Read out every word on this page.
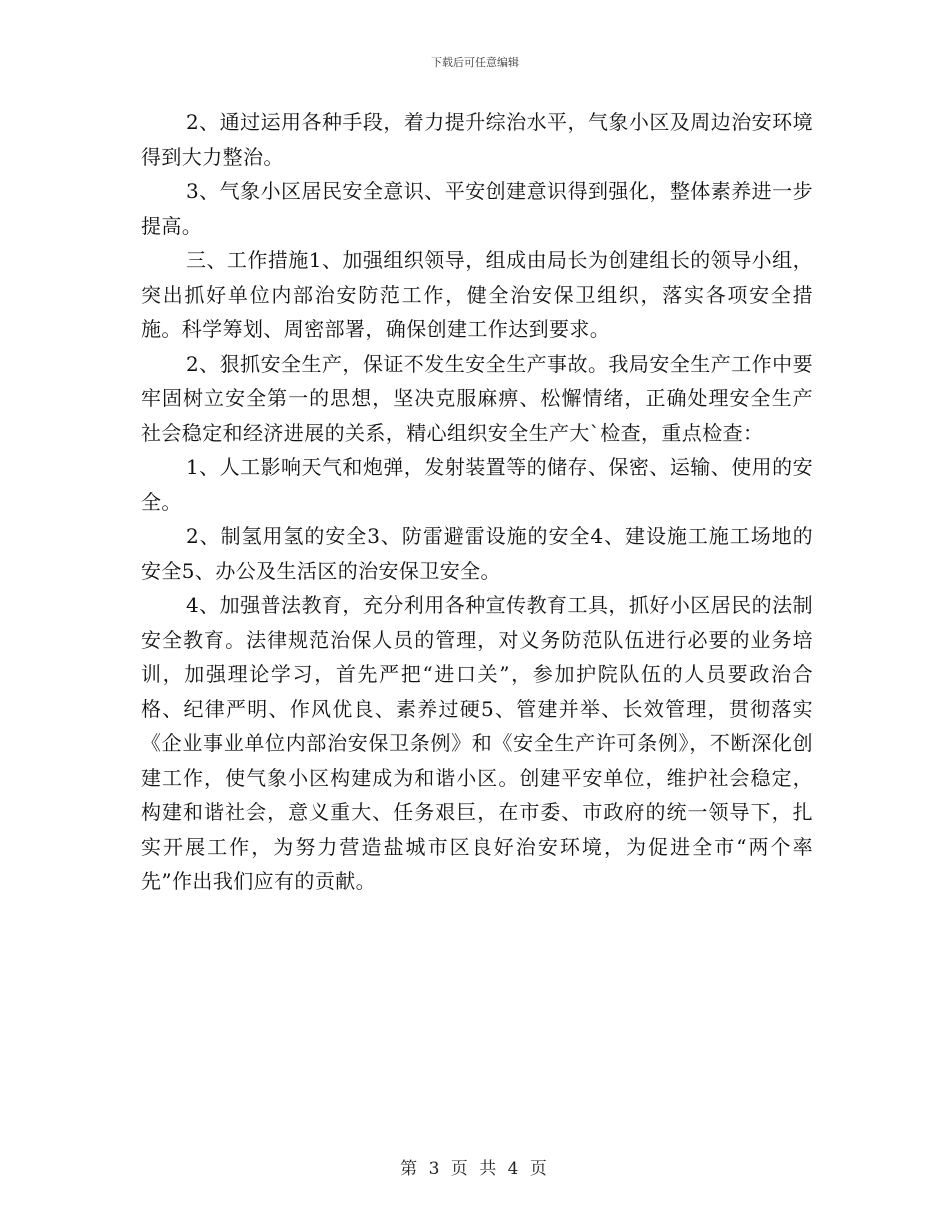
下载后可任意编辑

2、通过运用各种手段，着力提升综治水平，气象小区及周边治安环境得到大力整治。

3、气象小区居民安全意识、平安创建意识得到强化，整体素养进一步提高。

三、工作措施1、加强组织领导，组成由局长为创建组长的领导小组，突出抓好单位内部治安防范工作，健全治安保卫组织，落实各项安全措施。科学筹划、周密部署，确保创建工作达到要求。

2、狠抓安全生产，保证不发生安全生产事故。我局安全生产工作中要牢固树立安全第一的思想，坚决克服麻痹、松懈情绪，正确处理安全生产社会稳定和经济进展的关系，精心组织安全生产大`检查，重点检查：

1、人工影响天气和炮弹，发射装置等的储存、保密、运输、使用的安全。

2、制氢用氢的安全3、防雷避雷设施的安全4、建设施工施工场地的安全5、办公及生活区的治安保卫安全。

4、加强普法教育，充分利用各种宣传教育工具，抓好小区居民的法制安全教育。法律规范治保人员的管理，对义务防范队伍进行必要的业务培训，加强理论学习，首先严把“进口关”，参加护院队伍的人员要政治合格、纪律严明、作风优良、素养过硬5、管建并举、长效管理，贯彻落实《企业事业单位内部治安保卫条例》和《安全生产许可条例》，不断深化创建工作，使气象小区构建成为和谐小区。创建平安单位，维护社会稳定，构建和谐社会，意义重大、任务艰巨，在市委、市政府的统一领导下，扎实开展工作，为努力营造盐城市区良好治安环境，为促进全市“两个率先”作出我们应有的贡献。

第 3 页 共 4 页
